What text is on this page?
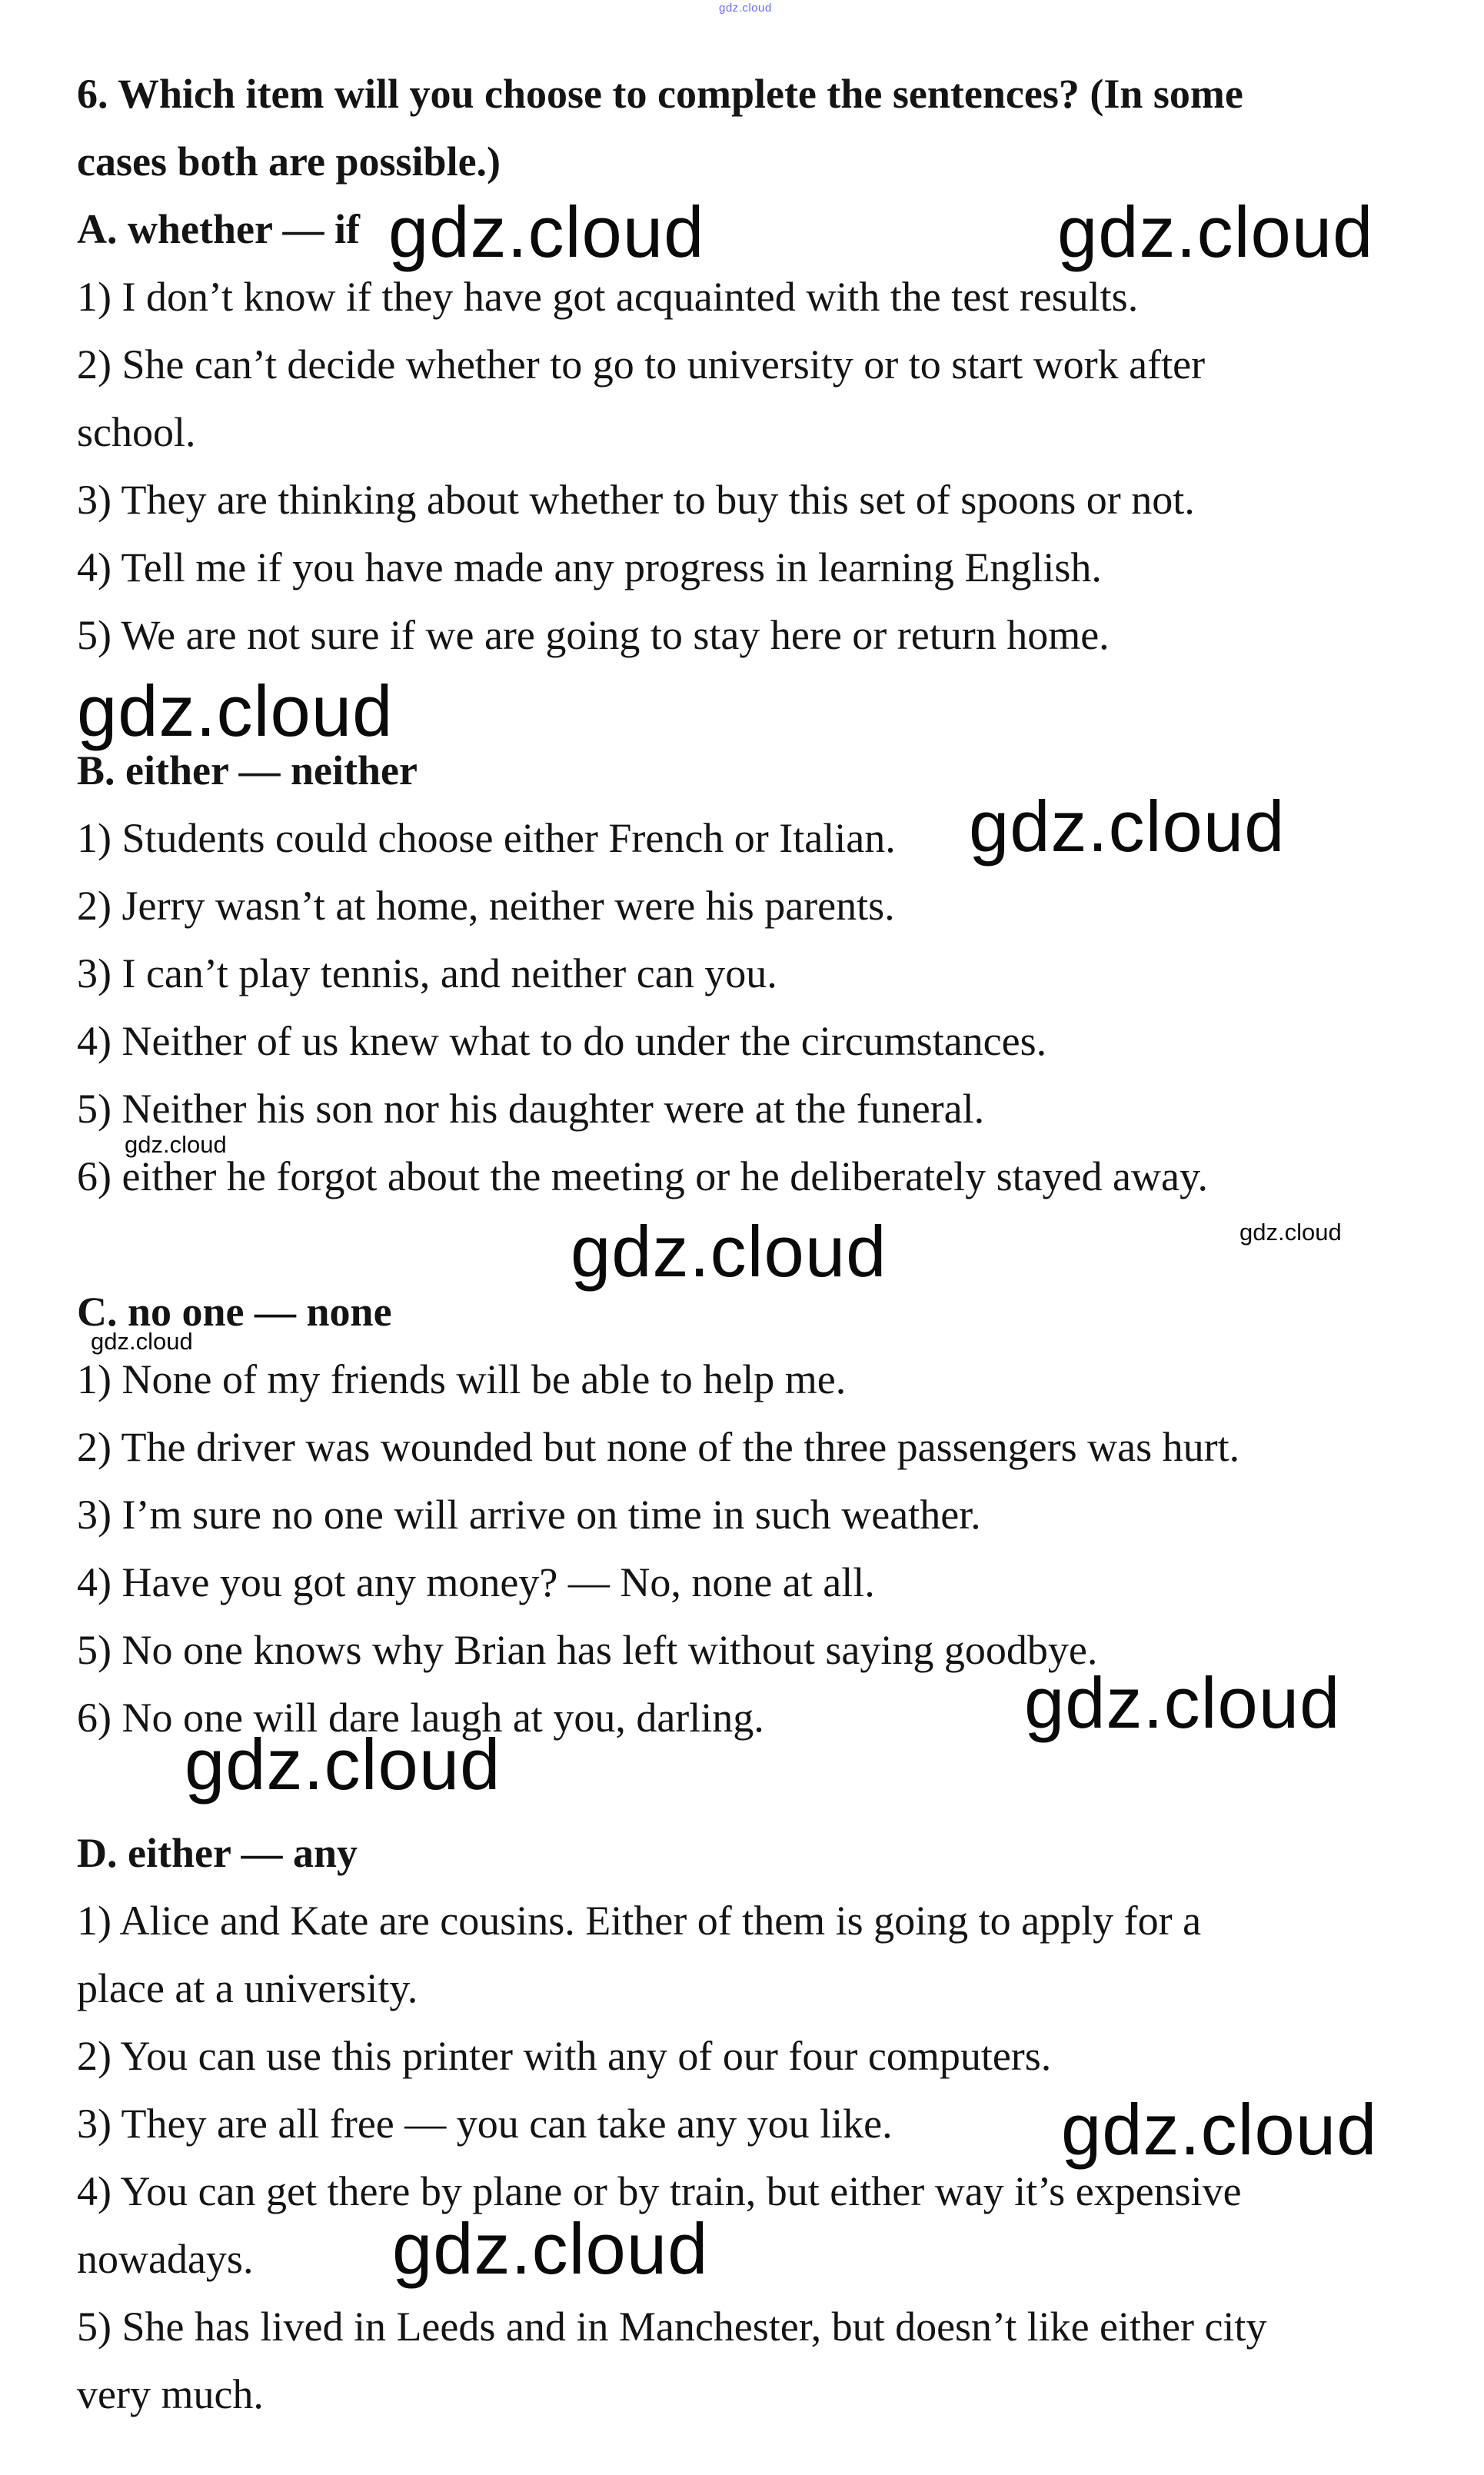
gdz.cloud
6. Which item will you choose to complete the sentences? (In some
cases both are possible.)
A. whether — if
1) I don’t know if they have got acquainted with the test results.
2) She can’t decide whether to go to university or to start work after
school.
3) They are thinking about whether to buy this set of spoons or not.
4) Tell me if you have made any progress in learning English.
5) We are not sure if we are going to stay here or return home.
B. either — neither
1) Students could choose either French or Italian.
2) Jerry wasn’t at home, neither were his parents.
3) I can’t play tennis, and neither can you.
4) Neither of us knew what to do under the circumstances.
5) Neither his son nor his daughter were at the funeral.
6) either he forgot about the meeting or he deliberately stayed away.
C. no one — none
1) None of my friends will be able to help me.
2) The driver was wounded but none of the three passengers was hurt.
3) I’m sure no one will arrive on time in such weather.
4) Have you got any money? — No, none at all.
5) No one knows why Brian has left without saying goodbye.
6) No one will dare laugh at you, darling.
D. either — any
1) Alice and Kate are cousins. Either of them is going to apply for a
place at a university.
2) You can use this printer with any of our four computers.
3) They are all free — you can take any you like.
4) You can get there by plane or by train, but either way it’s expensive
nowadays.
5) She has lived in Leeds and in Manchester, but doesn’t like either city
very much.
gdz.cloud	gdz.cloud
gdz.cloud
gdz.cloud
gdz.cloud
gdz.cloud	gdz.cloud
gdz.cloud
gdz.cloud
gdz.cloud
gdz.cloud
gdz.cloud
